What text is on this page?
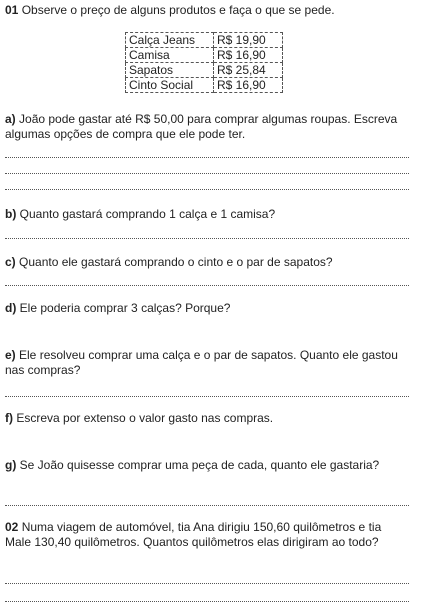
01 Observe o preço de alguns produtos e faça o que se pede.
Calça Jeans	R$ 19,90
Camisa	R$ 16,90
Sapatos	R$ 25,84
Cinto Social	R$ 16,90
a) João pode gastar até R$ 50,00 para comprar algumas roupas. Escreva algumas opções de compra que ele pode ter.
b) Quanto gastará comprando 1 calça e 1 camisa?
c) Quanto ele gastará comprando o cinto e o par de sapatos?
d) Ele poderia comprar 3 calças? Porque?
e) Ele resolveu comprar uma calça e o par de sapatos. Quanto ele gastou nas compras?
f) Escreva por extenso o valor gasto nas compras.
g) Se João quisesse comprar uma peça de cada, quanto ele gastaria?
02 Numa viagem de automóvel, tia Ana dirigiu 150,60 quilômetros e tia Male 130,40 quilômetros. Quantos quilômetros elas dirigiram ao todo?
